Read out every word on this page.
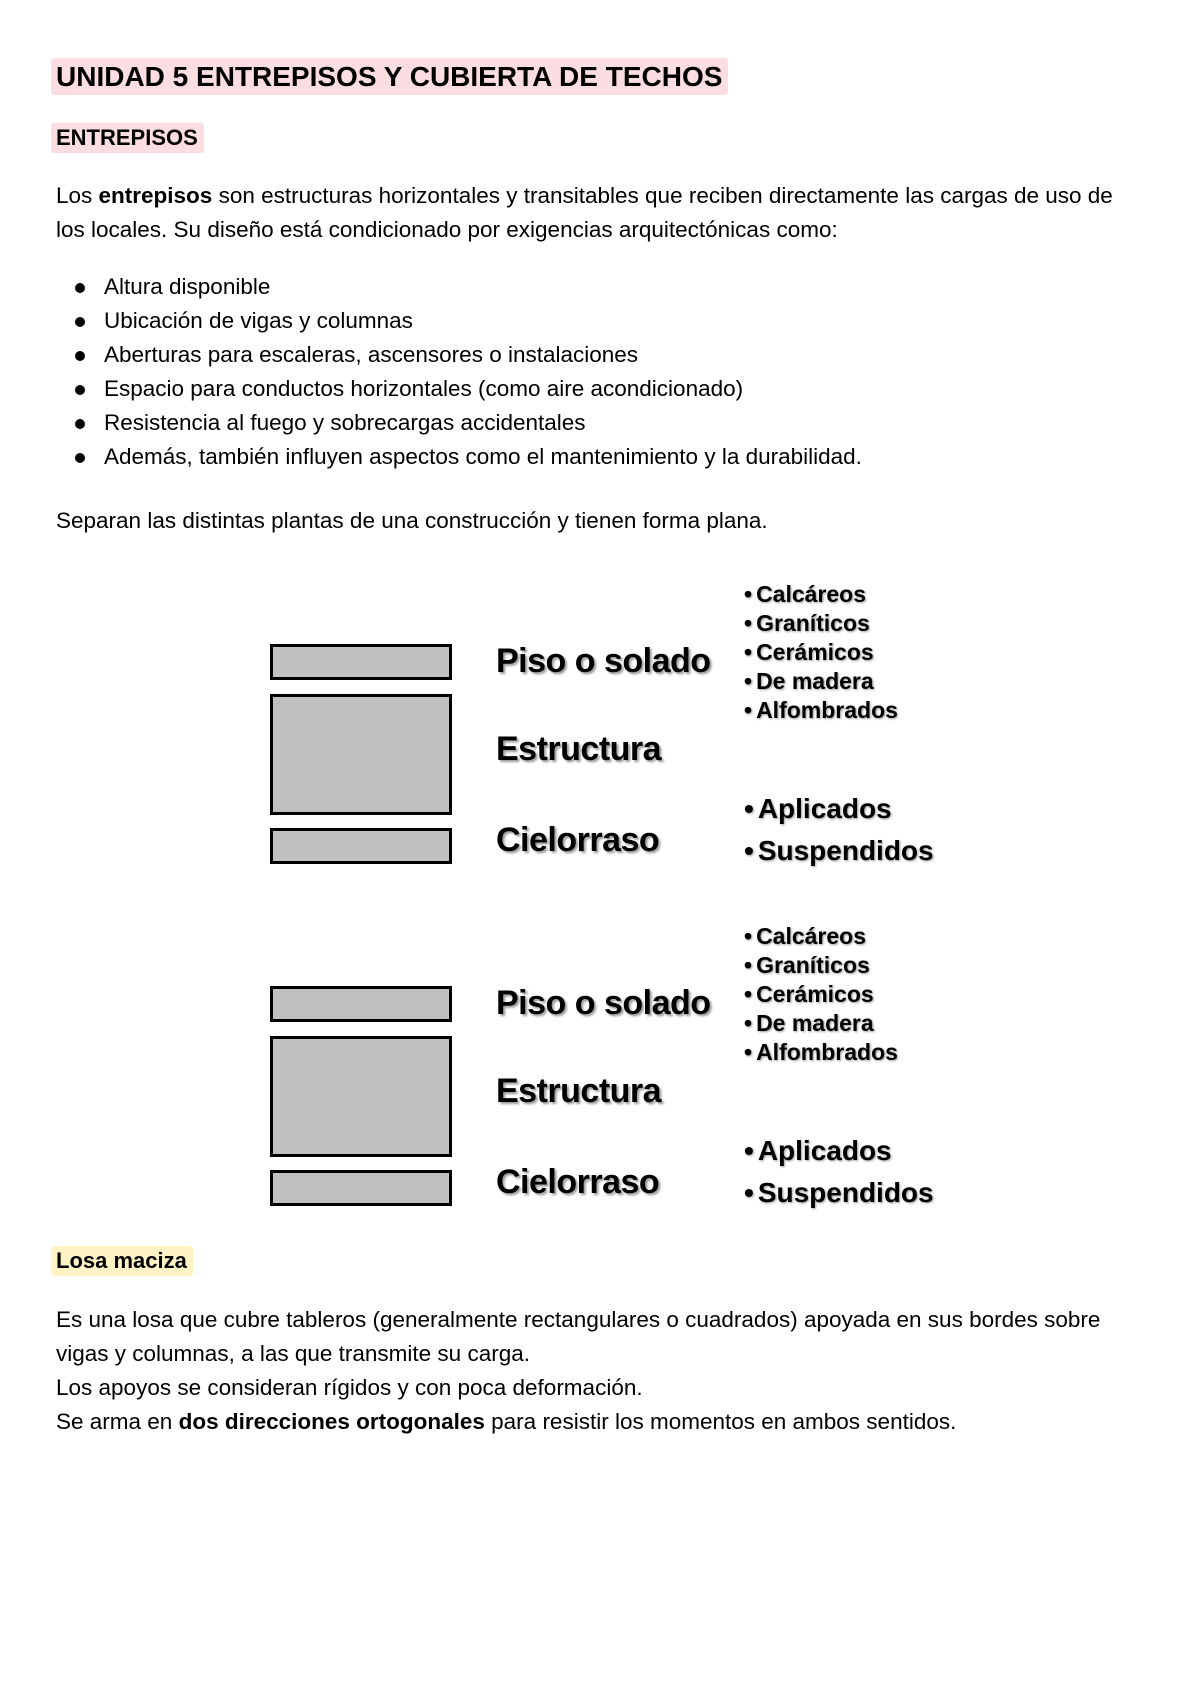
UNIDAD 5 ENTREPISOS Y CUBIERTA DE TECHOS
ENTREPISOS

Los entrepisos son estructuras horizontales y transitables que reciben directamente las cargas de uso de los locales. Su diseño está condicionado por exigencias arquitectónicas como:

Altura disponible
Ubicación de vigas y columnas
Aberturas para escaleras, ascensores o instalaciones
Espacio para conductos horizontales (como aire acondicionado)
Resistencia al fuego y sobrecargas accidentales
Además, también influyen aspectos como el mantenimiento y la durabilidad.

Separan las distintas plantas de una construcción y tienen forma plana.

Piso o solado
Estructura
Cielorraso
• Calcáreos
• Graníticos
• Cerámicos
• De madera
• Alfombrados
• Aplicados
• Suspendidos
Piso o solado
Estructura
Cielorraso
• Calcáreos
• Graníticos
• Cerámicos
• De madera
• Alfombrados
• Aplicados
• Suspendidos
Losa maciza

Es una losa que cubre tableros (generalmente rectangulares o cuadrados) apoyada en sus bordes sobre vigas y columnas, a las que transmite su carga.

Los apoyos se consideran rígidos y con poca deformación.

Se arma en dos direcciones ortogonales para resistir los momentos en ambos sentidos.
